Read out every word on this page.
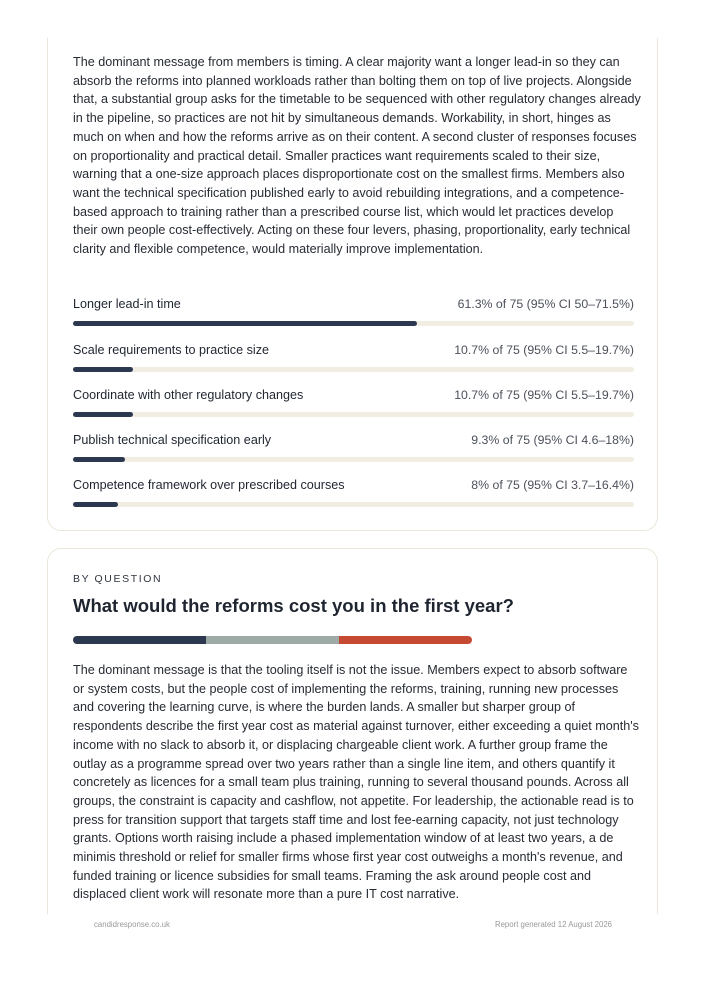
The dominant message from members is timing. A clear majority want a longer lead-in so they can absorb the reforms into planned workloads rather than bolting them on top of live projects. Alongside that, a substantial group asks for the timetable to be sequenced with other regulatory changes already in the pipeline, so practices are not hit by simultaneous demands. Workability, in short, hinges as much on when and how the reforms arrive as on their content. A second cluster of responses focuses on proportionality and practical detail. Smaller practices want requirements scaled to their size, warning that a one-size approach places disproportionate cost on the smallest firms. Members also want the technical specification published early to avoid rebuilding integrations, and a competence-based approach to training rather than a prescribed course list, which would let practices develop their own people cost-effectively. Acting on these four levers, phasing, proportionality, early technical clarity and flexible competence, would materially improve implementation.

Longer lead-in time	61.3% of 75 (95% CI 50–71.5%)
Scale requirements to practice size	10.7% of 75 (95% CI 5.5–19.7%)
Coordinate with other regulatory changes	10.7% of 75 (95% CI 5.5–19.7%)
Publish technical specification early	9.3% of 75 (95% CI 4.6–18%)
Competence framework over prescribed courses	8% of 75 (95% CI 3.7–16.4%)
BY QUESTION
What would the reforms cost you in the first year?

The dominant message is that the tooling itself is not the issue. Members expect to absorb software or system costs, but the people cost of implementing the reforms, training, running new processes and covering the learning curve, is where the burden lands. A smaller but sharper group of respondents describe the first year cost as material against turnover, either exceeding a quiet month's income with no slack to absorb it, or displacing chargeable client work. A further group frame the outlay as a programme spread over two years rather than a single line item, and others quantify it concretely as licences for a small team plus training, running to several thousand pounds. Across all groups, the constraint is capacity and cashflow, not appetite. For leadership, the actionable read is to press for transition support that targets staff time and lost fee-earning capacity, not just technology grants. Options worth raising include a phased implementation window of at least two years, a de minimis threshold or relief for smaller firms whose first year cost outweighs a month's revenue, and funded training or licence subsidies for small teams. Framing the ask around people cost and displaced client work will resonate more than a pure IT cost narrative.

candidresponse.co.uk	Report generated 12 August 2026
